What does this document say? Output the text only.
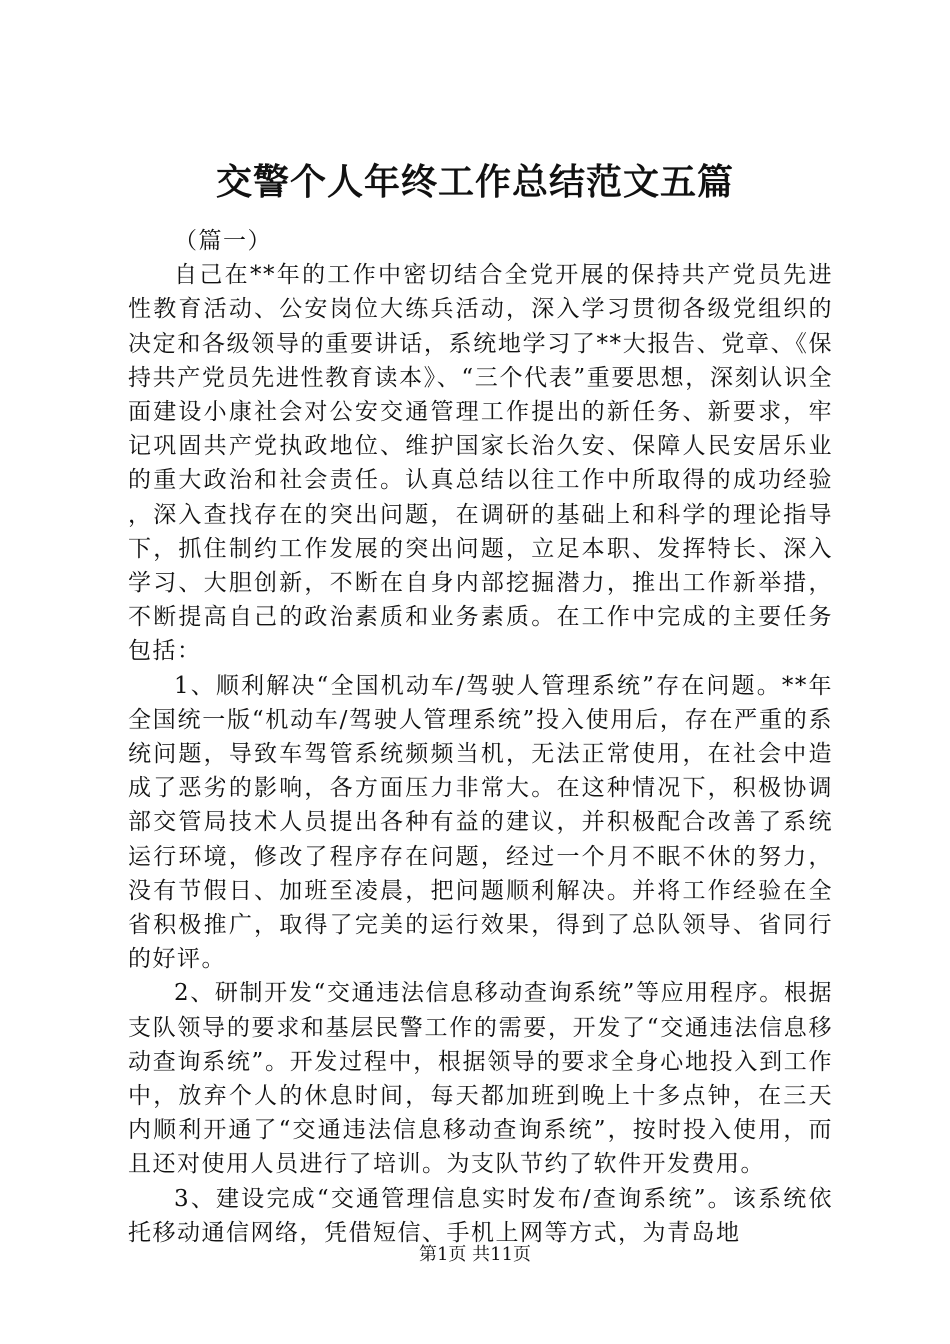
交警个人年终工作总结范文五篇

（篇一）

自己在**年的工作中密切结合全党开展的保持共产党员先进性教育活动、公安岗位大练兵活动，深入学习贯彻各级党组织的决定和各级领导的重要讲话，系统地学习了**大报告、党章、《保持共产党员先进性教育读本》、“三个代表”重要思想，深刻认识全面建设小康社会对公安交通管理工作提出的新任务、新要求，牢记巩固共产党执政地位、维护国家长治久安、保障人民安居乐业的重大政治和社会责任。认真总结以往工作中所取得的成功经验，深入查找存在的突出问题，在调研的基础上和科学的理论指导下，抓住制约工作发展的突出问题，立足本职、发挥特长、深入学习、大胆创新，不断在自身内部挖掘潜力，推出工作新举措，不断提高自己的政治素质和业务素质。在工作中完成的主要任务包括：

1、顺利解决“全国机动车/驾驶人管理系统”存在问题。**年全国统一版“机动车/驾驶人管理系统”投入使用后，存在严重的系统问题，导致车驾管系统频频当机，无法正常使用，在社会中造成了恶劣的影响，各方面压力非常大。在这种情况下，积极协调部交管局技术人员提出各种有益的建议，并积极配合改善了系统运行环境，修改了程序存在问题，经过一个月不眠不休的努力，没有节假日、加班至凌晨，把问题顺利解决。并将工作经验在全省积极推广，取得了完美的运行效果，得到了总队领导、省同行的好评。

2、研制开发“交通违法信息移动查询系统”等应用程序。根据支队领导的要求和基层民警工作的需要，开发了“交通违法信息移动查询系统”。开发过程中，根据领导的要求全身心地投入到工作中，放弃个人的休息时间，每天都加班到晚上十多点钟，在三天内顺利开通了“交通违法信息移动查询系统”，按时投入使用，而且还对使用人员进行了培训。为支队节约了软件开发费用。

3、建设完成“交通管理信息实时发布/查询系统”。该系统依托移动通信网络，凭借短信、手机上网等方式，为青岛地

第1页 共11页
